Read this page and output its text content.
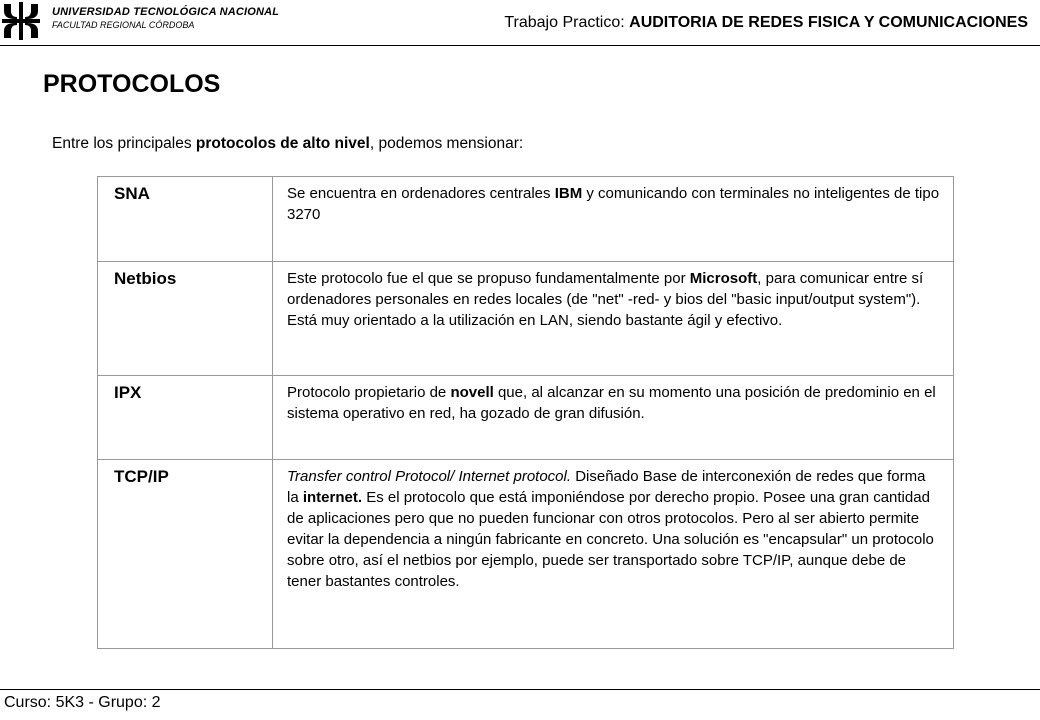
UNIVERSIDAD TECNOLÓGICA NACIONAL
FACULTAD REGIONAL CÓRDOBA	Trabajo Practico: AUDITORIA DE REDES FISICA Y COMUNICACIONES
PROTOCOLOS
Entre los principales protocolos de alto nivel, podemos mensionar:
SNA	Se encuentra en ordenadores centrales IBM y comunicando con terminales no inteligentes de tipo 3270
Netbios	Este protocolo fue el que se propuso fundamentalmente por Microsoft, para comunicar entre sí ordenadores personales en redes locales (de "net" -red- y bios del "basic input/output system"). Está muy orientado a la utilización en LAN, siendo bastante ágil y efectivo.
IPX	Protocolo propietario de novell que, al alcanzar en su momento una posición de predominio en el sistema operativo en red, ha gozado de gran difusión.
TCP/IP	Transfer control Protocol/ Internet protocol. Diseñado Base de interconexión de redes que forma la internet. Es el protocolo que está imponiéndose por derecho propio. Posee una gran cantidad de aplicaciones pero que no pueden funcionar con otros protocolos. Pero al ser abierto permite evitar la dependencia a ningún fabricante en concreto. Una solución es "encapsular" un protocolo sobre otro, así el netbios por ejemplo, puede ser transportado sobre TCP/IP, aunque debe de tener bastantes controles.
Curso: 5K3 - Grupo: 2
